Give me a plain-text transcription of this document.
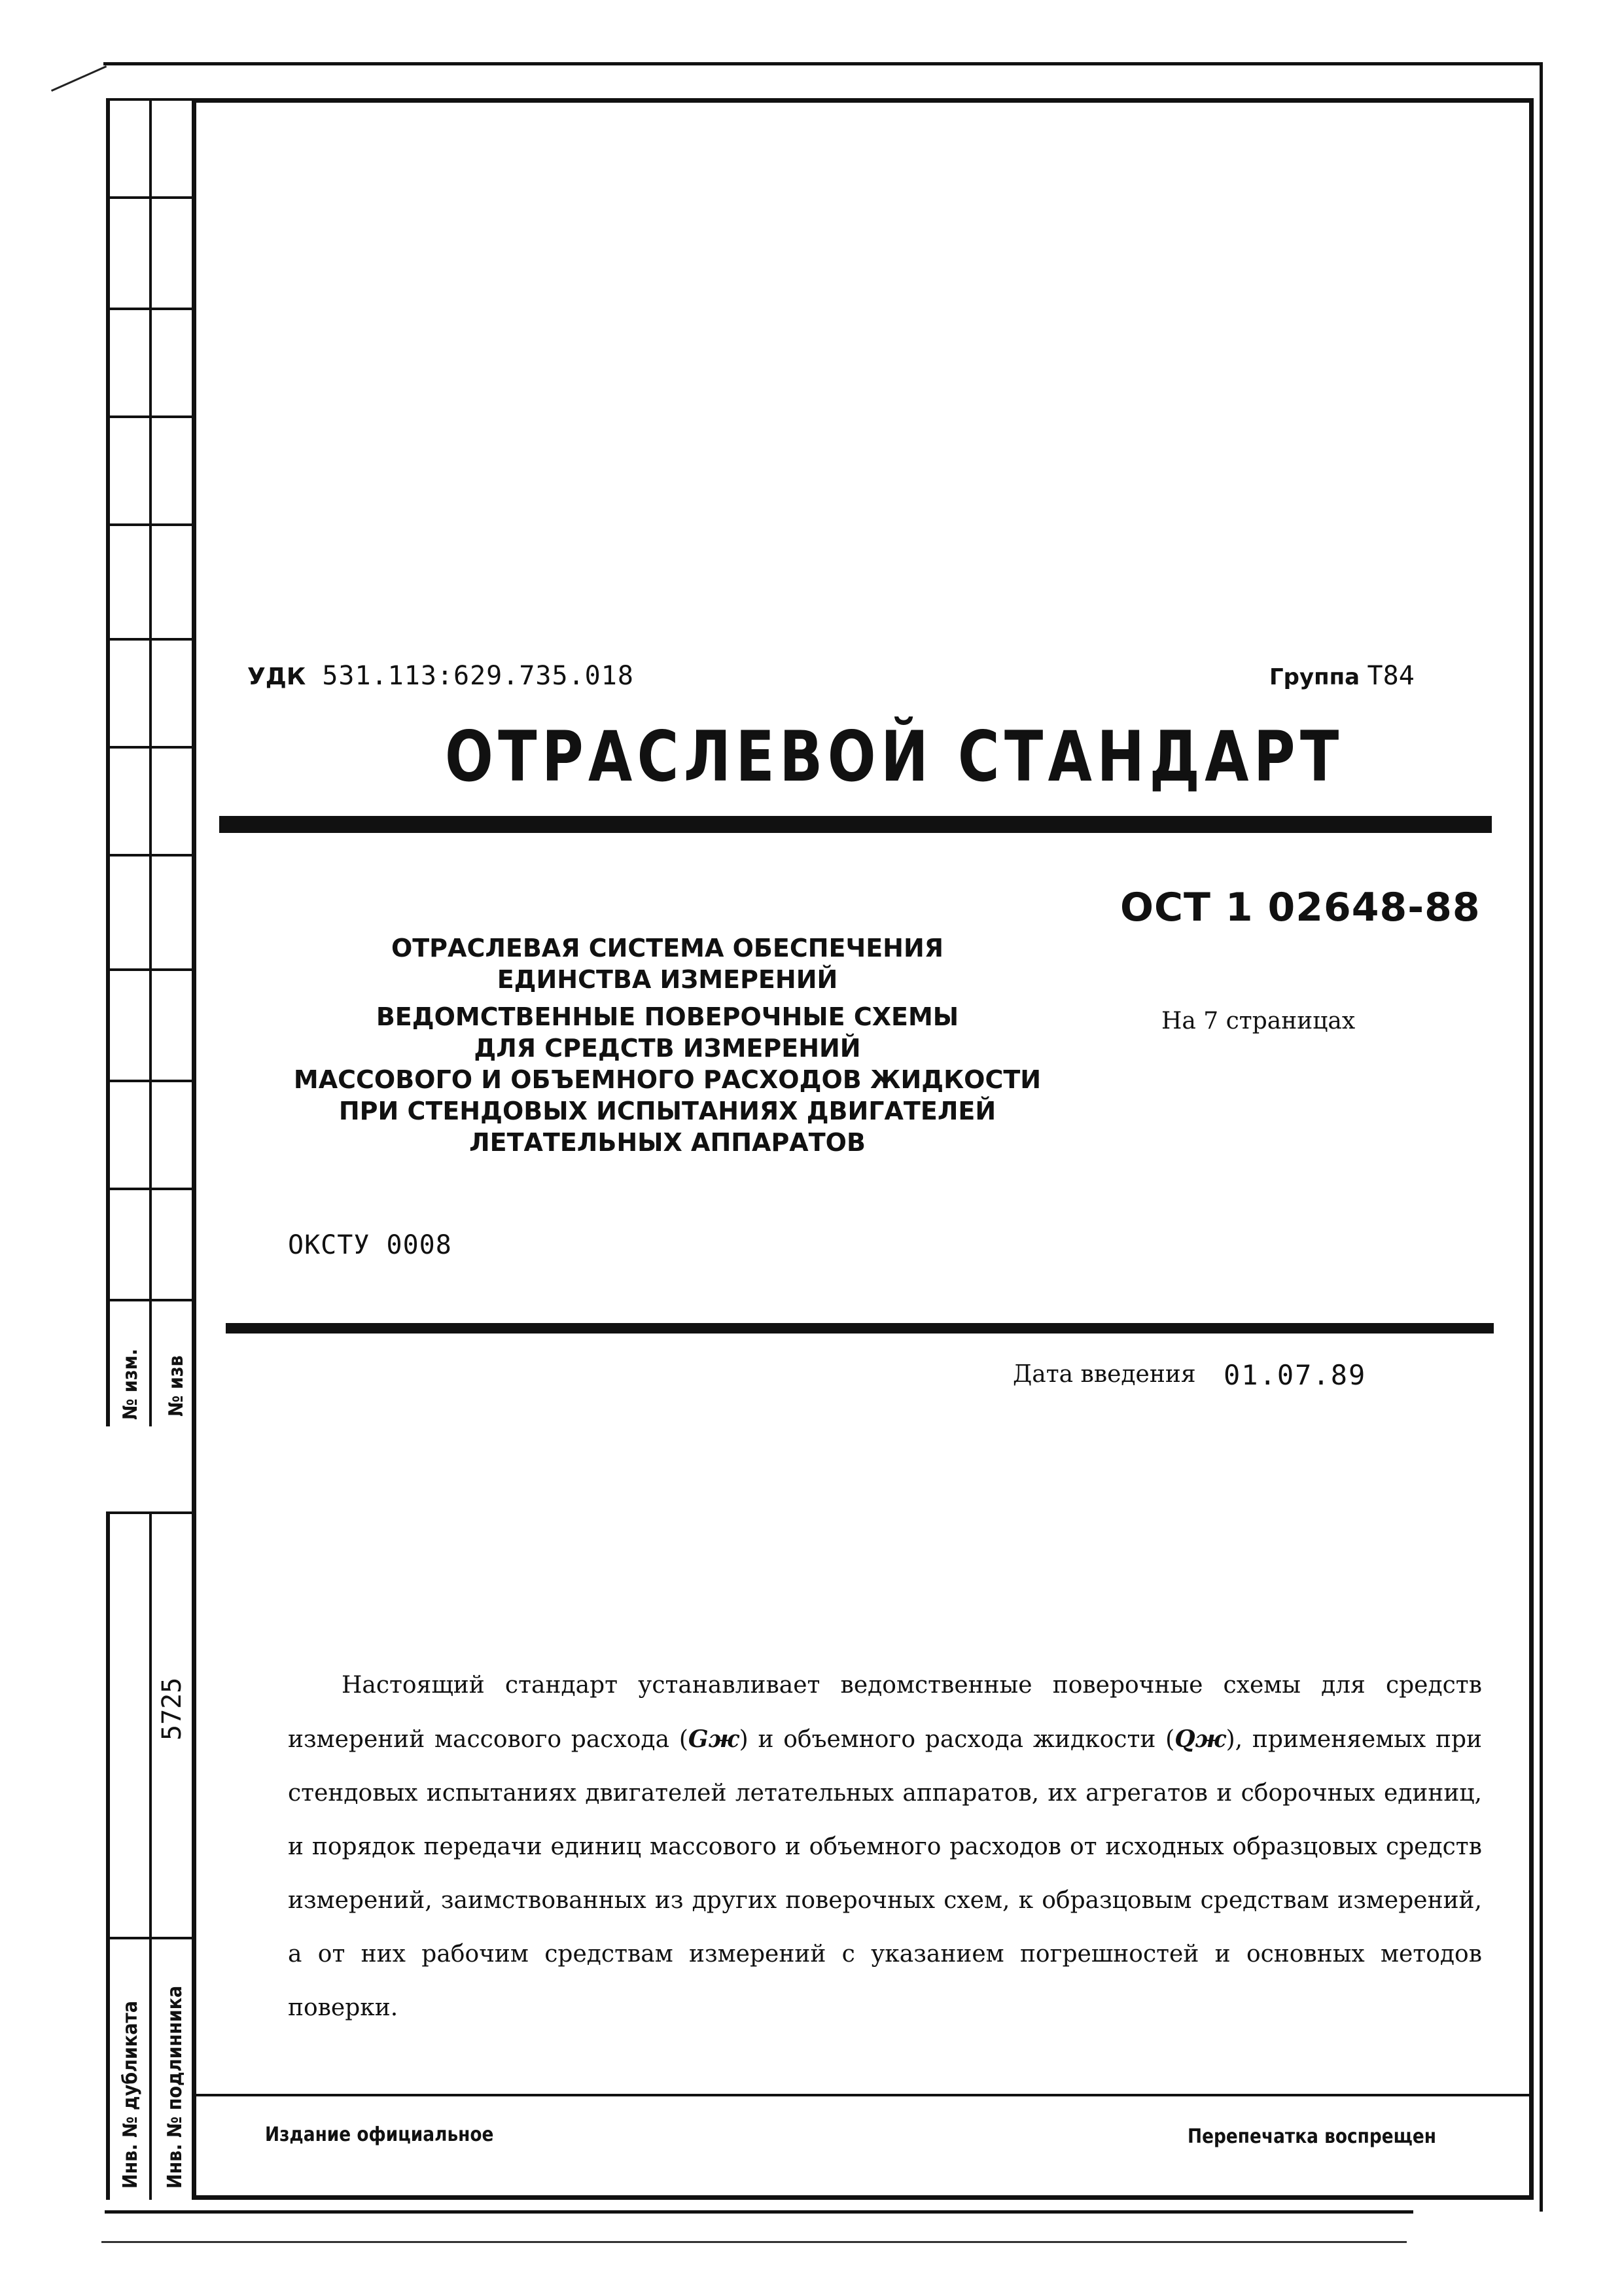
№ изм. № изв
5725
Инв. № дубликата Инв. № подлинника
УДК 531.113:629.735.018	Группа Т84
ОТРАСЛЕВОЙ СТАНДАРТ
ОСТ 1 02648-88
На 7 страницах
ОТРАСЛЕВАЯ СИСТЕМА ОБЕСПЕЧЕНИЯ
ЕДИНСТВА ИЗМЕРЕНИЙ
ВЕДОМСТВЕННЫЕ ПОВЕРОЧНЫЕ СХЕМЫ
ДЛЯ СРЕДСТВ ИЗМЕРЕНИЙ
МАССОВОГО И ОБЪЕМНОГО РАСХОДОВ ЖИДКОСТИ
ПРИ СТЕНДОВЫХ ИСПЫТАНИЯХ ДВИГАТЕЛЕЙ
ЛЕТАТЕЛЬНЫХ АППАРАТОВ
ОКСТУ 0008
Дата введения 01.07.89
Настоящий стандарт устанавливает ведомственные поверочные схемы для средств измерений массового расхода (Gж) и объемного расхода жидкости (Qж), применяемых при стендовых испытаниях двигателей летательных аппаратов, их агрегатов и сборочных единиц, и порядок передачи единиц массового и объемного расходов от исходных образцовых средств измерений, заимствованных из других поверочных схем, к образцовым средствам измерений, а от них рабочим средствам измерений с указанием погрешностей и основных методов поверки.
Издание официальное	Перепечатка воспрещен
